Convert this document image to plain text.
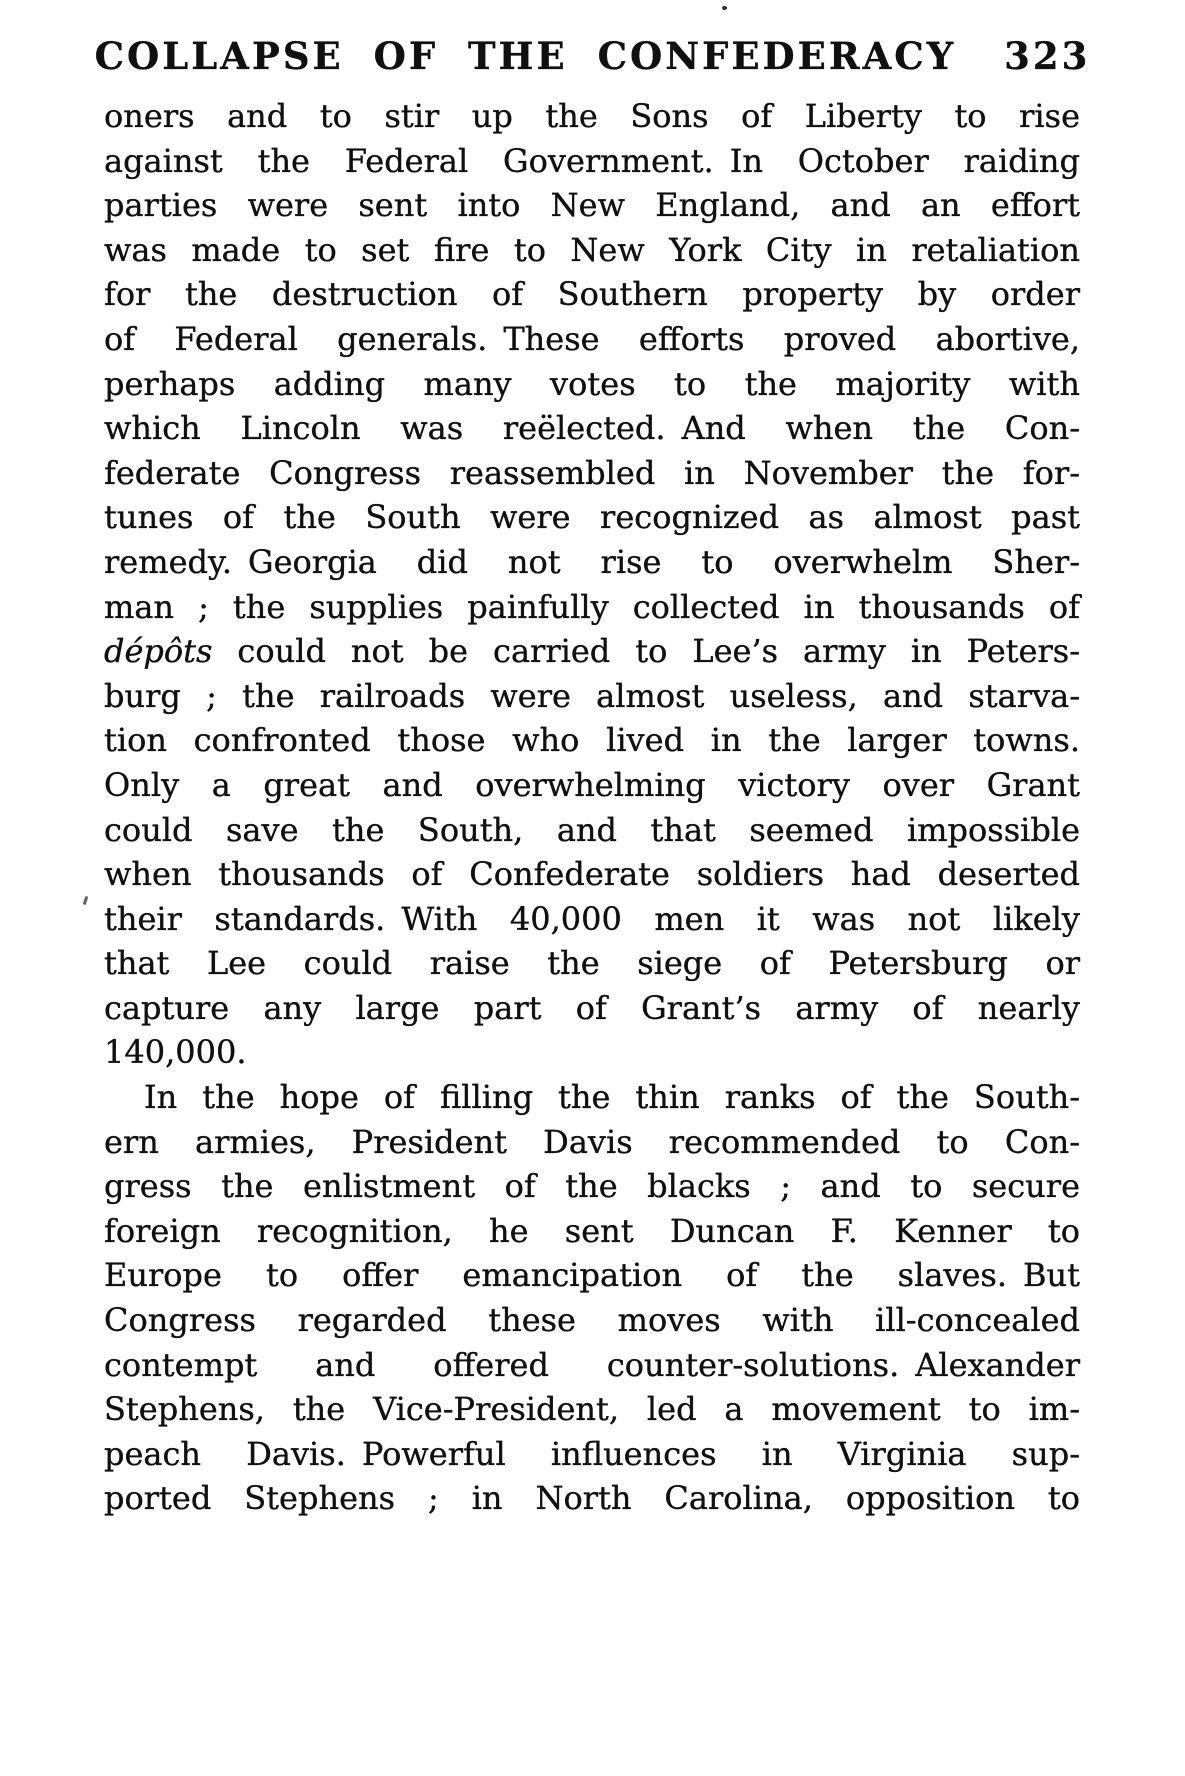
COLLAPSE OF THE CONFEDERACY 323
oners and to stir up the Sons of Liberty to rise
against the Federal Government. In October raiding
parties were sent into New England, and an effort
was made to set fire to New York City in retaliation
for the destruction of Southern property by order
of Federal generals. These efforts proved abortive,
perhaps adding many votes to the majority with
which Lincoln was reëlected. And when the Con-
federate Congress reassembled in November the for-
tunes of the South were recognized as almost past
remedy. Georgia did not rise to overwhelm Sher-
man ; the supplies painfully collected in thousands of
dépôts could not be carried to Lee’s army in Peters-
burg ; the railroads were almost useless, and starva-
tion confronted those who lived in the larger towns.
Only a great and overwhelming victory over Grant
could save the South, and that seemed impossible
when thousands of Confederate soldiers had deserted
their standards. With 40,000 men it was not likely
that Lee could raise the siege of Petersburg or
capture any large part of Grant’s army of nearly
140,000.
In the hope of filling the thin ranks of the South-
ern armies, President Davis recommended to Con-
gress the enlistment of the blacks ; and to secure
foreign recognition, he sent Duncan F. Kenner to
Europe to offer emancipation of the slaves. But
Congress regarded these moves with ill-concealed
contempt and offered counter-solutions. Alexander
Stephens, the Vice-President, led a movement to im-
peach Davis. Powerful influences in Virginia sup-
ported Stephens ; in North Carolina, opposition to
